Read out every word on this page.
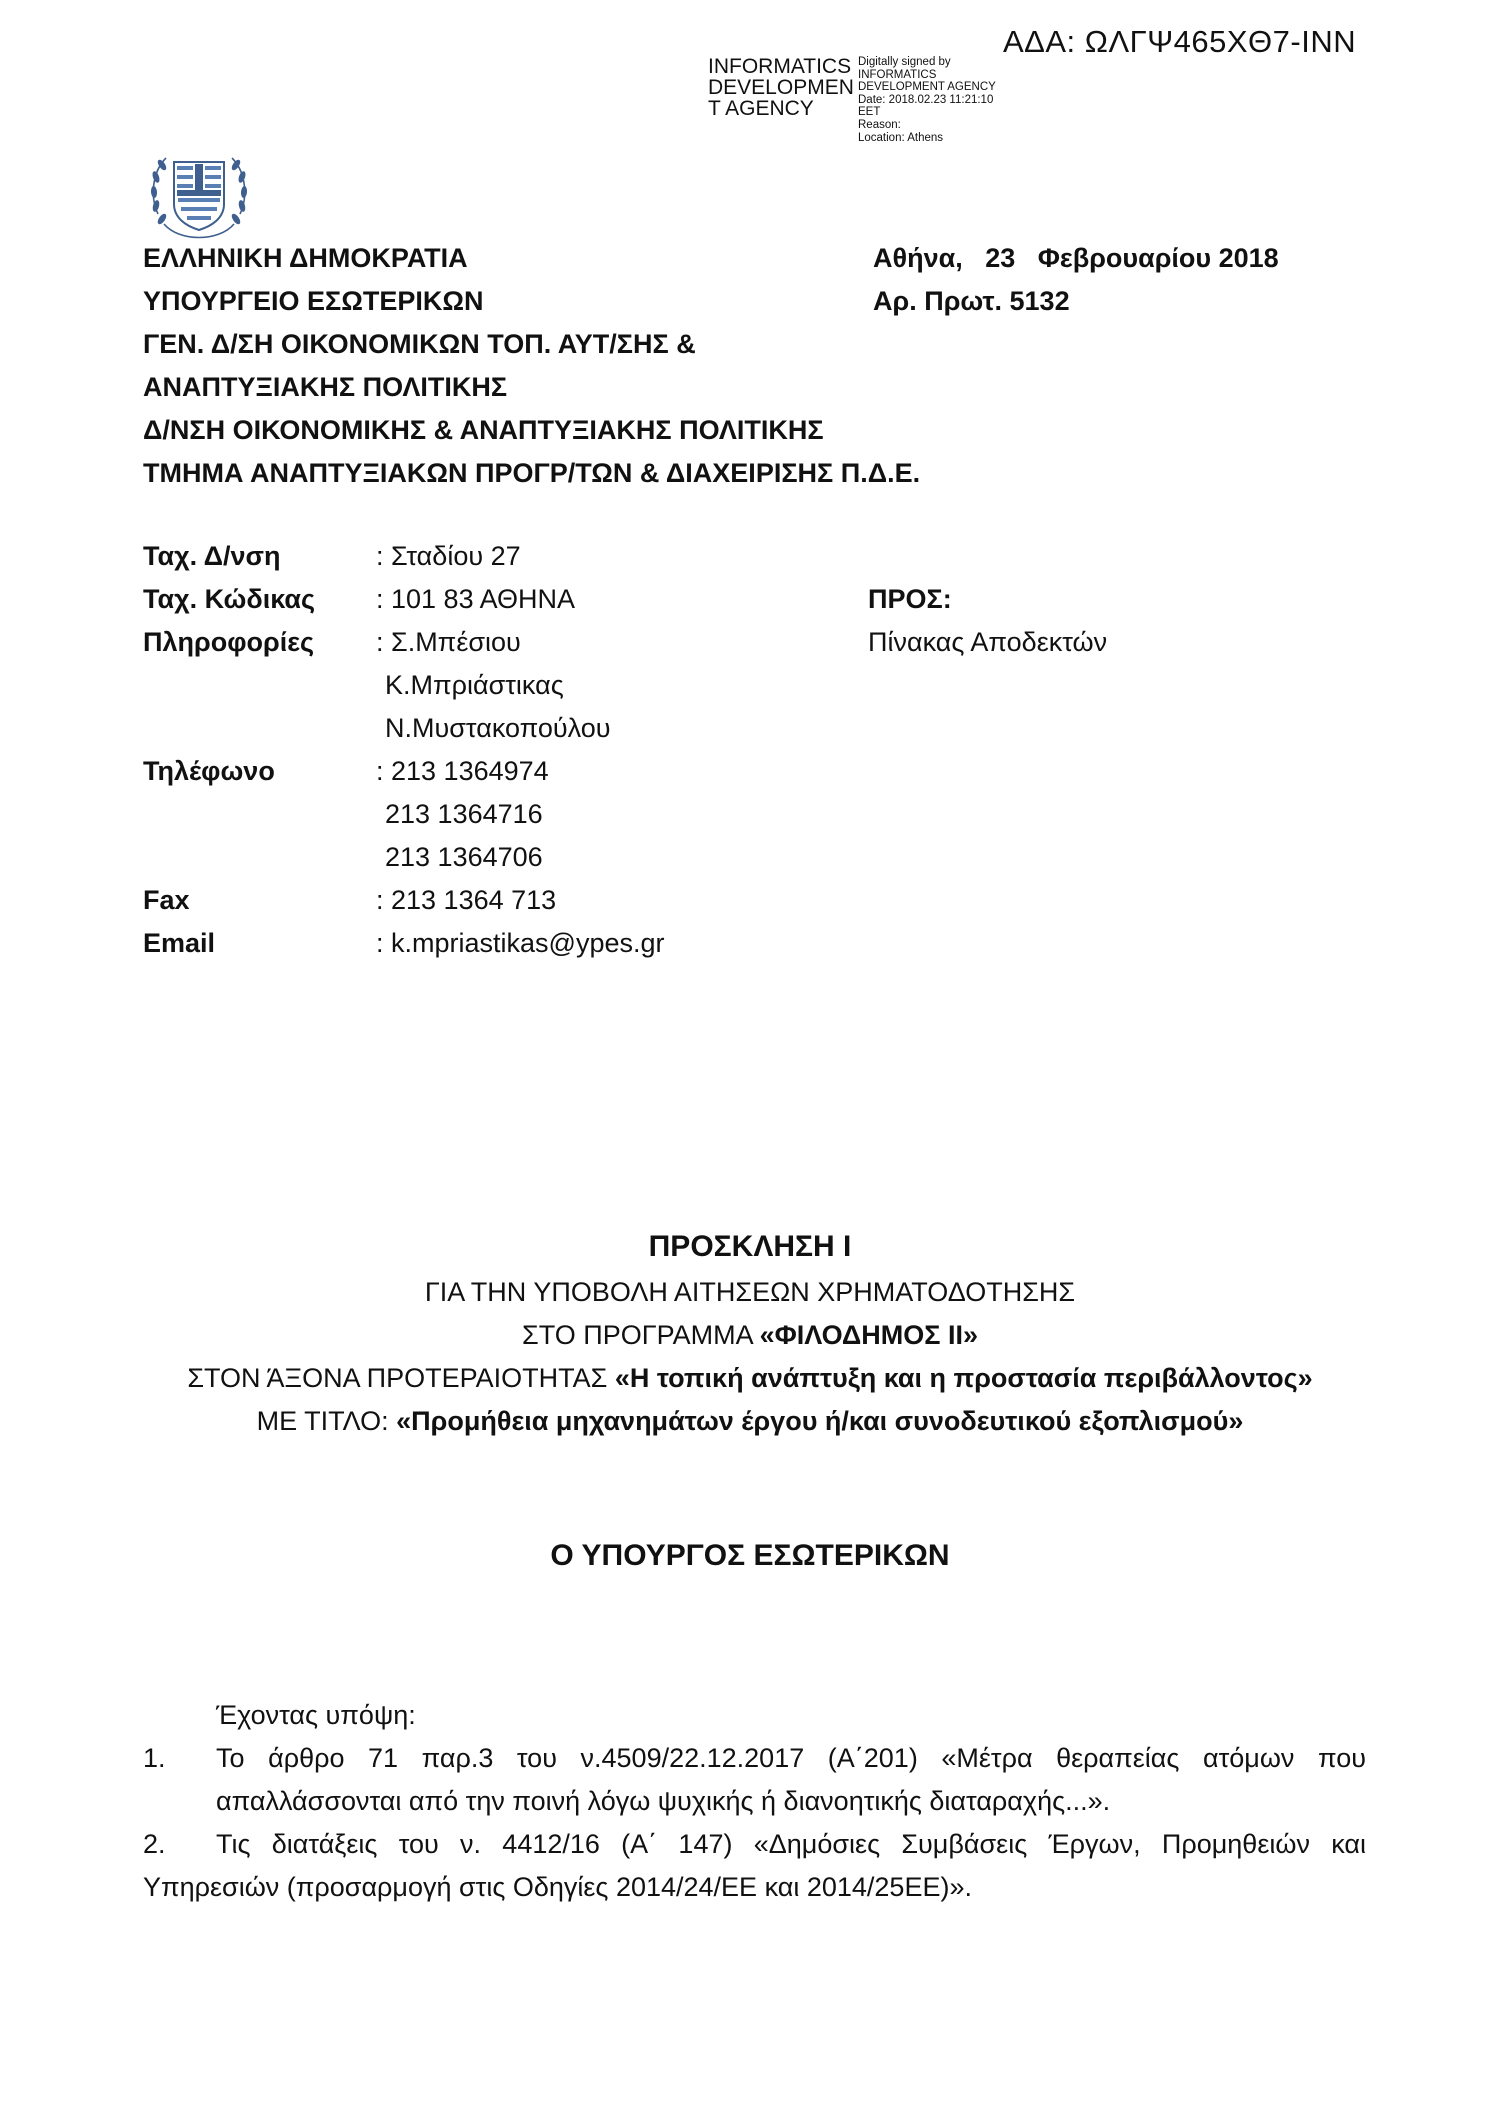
ΑΔΑ: ΩΛΓΨ465ΧΘ7-ΙΝΝ
INFORMATICS
DEVELOPMEN
T AGENCY
Digitally signed by
INFORMATICS
DEVELOPMENT AGENCY
Date: 2018.02.23 11:21:10
EET
Reason:
Location: Athens
ΕΛΛΗΝΙΚΗ ΔΗΜΟΚΡΑΤΙΑ
ΥΠΟΥΡΓΕΙΟ ΕΣΩΤΕΡΙΚΩΝ
ΓΕΝ. Δ/ΣΗ ΟΙΚΟΝΟΜΙΚΩΝ ΤΟΠ. ΑΥΤ/ΣΗΣ &
ΑΝΑΠΤΥΞΙΑΚΗΣ ΠΟΛΙΤΙΚΗΣ
Δ/ΝΣΗ ΟΙΚΟΝΟΜΙΚΗΣ & ΑΝΑΠΤΥΞΙΑΚΗΣ ΠΟΛΙΤΙΚΗΣ
ΤΜΗΜΑ ΑΝΑΠΤΥΞΙΑΚΩΝ ΠΡΟΓΡ/ΤΩΝ & ΔΙΑΧΕΙΡΙΣΗΣ Π.Δ.Ε.
Αθήνα,   23   Φεβρουαρίου 2018
Αρ. Πρωτ. 5132
Ταχ. Δ/νση	: Σταδίου 27
Ταχ. Κώδικας : 101 83 ΑΘΗΝΑ
Πληροφορίες : Σ.Μπέσιου
Κ.Μπριάστικας
Ν.Μυστακοπούλου
Τηλέφωνο	: 213 1364974
213 1364716
213 1364706
Fax	: 213 1364 713
Email	: k.mpriastikas@ypes.gr
ΠΡΟΣ:
Πίνακας Αποδεκτών
ΠΡΟΣΚΛΗΣΗ I
ΓΙΑ ΤΗΝ ΥΠΟΒΟΛΗ ΑΙΤΗΣΕΩΝ ΧΡΗΜΑΤΟΔΟΤΗΣΗΣ
ΣΤΟ ΠΡΟΓΡΑΜΜΑ «ΦΙΛΟΔΗΜΟΣ ΙΙ»
ΣΤΟΝ ΆΞΟΝΑ ΠΡΟΤΕΡΑΙΟΤΗΤΑΣ «Η τοπική ανάπτυξη και η προστασία περιβάλλοντος»
ΜΕ ΤΙΤΛΟ: «Προμήθεια μηχανημάτων έργου ή/και συνοδευτικού εξοπλισμού»
Ο ΥΠΟΥΡΓΟΣ ΕΣΩΤΕΡΙΚΩΝ
Έχοντας υπόψη:
1. Το άρθρο 71 παρ.3 του ν.4509/22.12.2017 (Α΄201) «Μέτρα θεραπείας ατόμων που απαλλάσσονται από την ποινή λόγω ψυχικής ή διανοητικής διαταραχής...».
2.	Τις διατάξεις του ν. 4412/16 (Α΄ 147) «Δημόσιες Συμβάσεις Έργων, Προμηθειών και
Υπηρεσιών (προσαρμογή στις Οδηγίες 2014/24/ΕΕ και 2014/25ΕΕ)».
